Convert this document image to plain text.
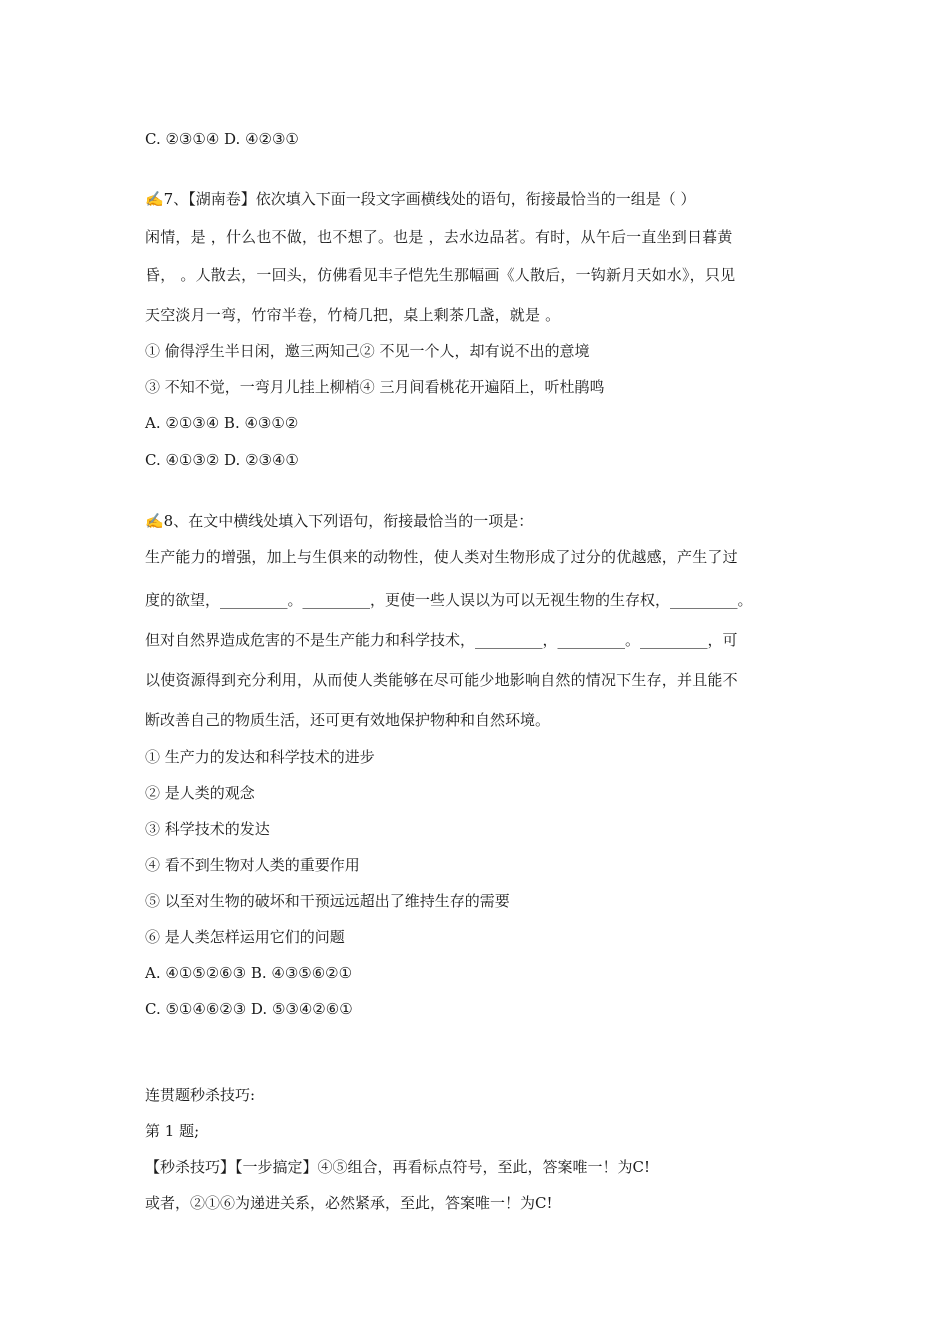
C. ②③①④ D. ④②③①
✍7、【湖南卷】依次填入下面一段文字画横线处的语句，衔接最恰当的一组是（ ）
闲情，是 ，什么也不做，也不想了。也是 ，去水边品茗。有时，从午后一直坐到日暮黄
昏， 。人散去，一回头，仿佛看见丰子恺先生那幅画《人散后，一钩新月天如水》，只见
天空淡月一弯，竹帘半卷，竹椅几把，桌上剩茶几盏，就是 。
① 偷得浮生半日闲，邀三两知己② 不见一个人，却有说不出的意境
③ 不知不觉，一弯月儿挂上柳梢④ 三月间看桃花开遍陌上，听杜鹃鸣
A. ②①③④ B. ④③①②
C. ④①③② D. ②③④①
✍8、在文中横线处填入下列语句，衔接最恰当的一项是：
生产能力的增强，加上与生俱来的动物性，使人类对生物形成了过分的优越感，产生了过
度的欲望，_________。_________，更使一些人误以为可以无视生物的生存权，_________。
但对自然界造成危害的不是生产能力和科学技术，_________，_________。_________，可
以使资源得到充分利用，从而使人类能够在尽可能少地影响自然的情况下生存，并且能不
断改善自己的物质生活，还可更有效地保护物种和自然环境。
① 生产力的发达和科学技术的进步
② 是人类的观念
③ 科学技术的发达
④ 看不到生物对人类的重要作用
⑤ 以至对生物的破坏和干预远远超出了维持生存的需要
⑥ 是人类怎样运用它们的问题
A. ④①⑤②⑥③ B. ④③⑤⑥②①
C. ⑤①④⑥②③ D. ⑤③④②⑥①
连贯题秒杀技巧:
第 1 题;
【秒杀技巧】【一步搞定】④⑤组合，再看标点符号，至此，答案唯一！为C!
或者，②①⑥为递进关系，必然紧承，至此，答案唯一！为C!
